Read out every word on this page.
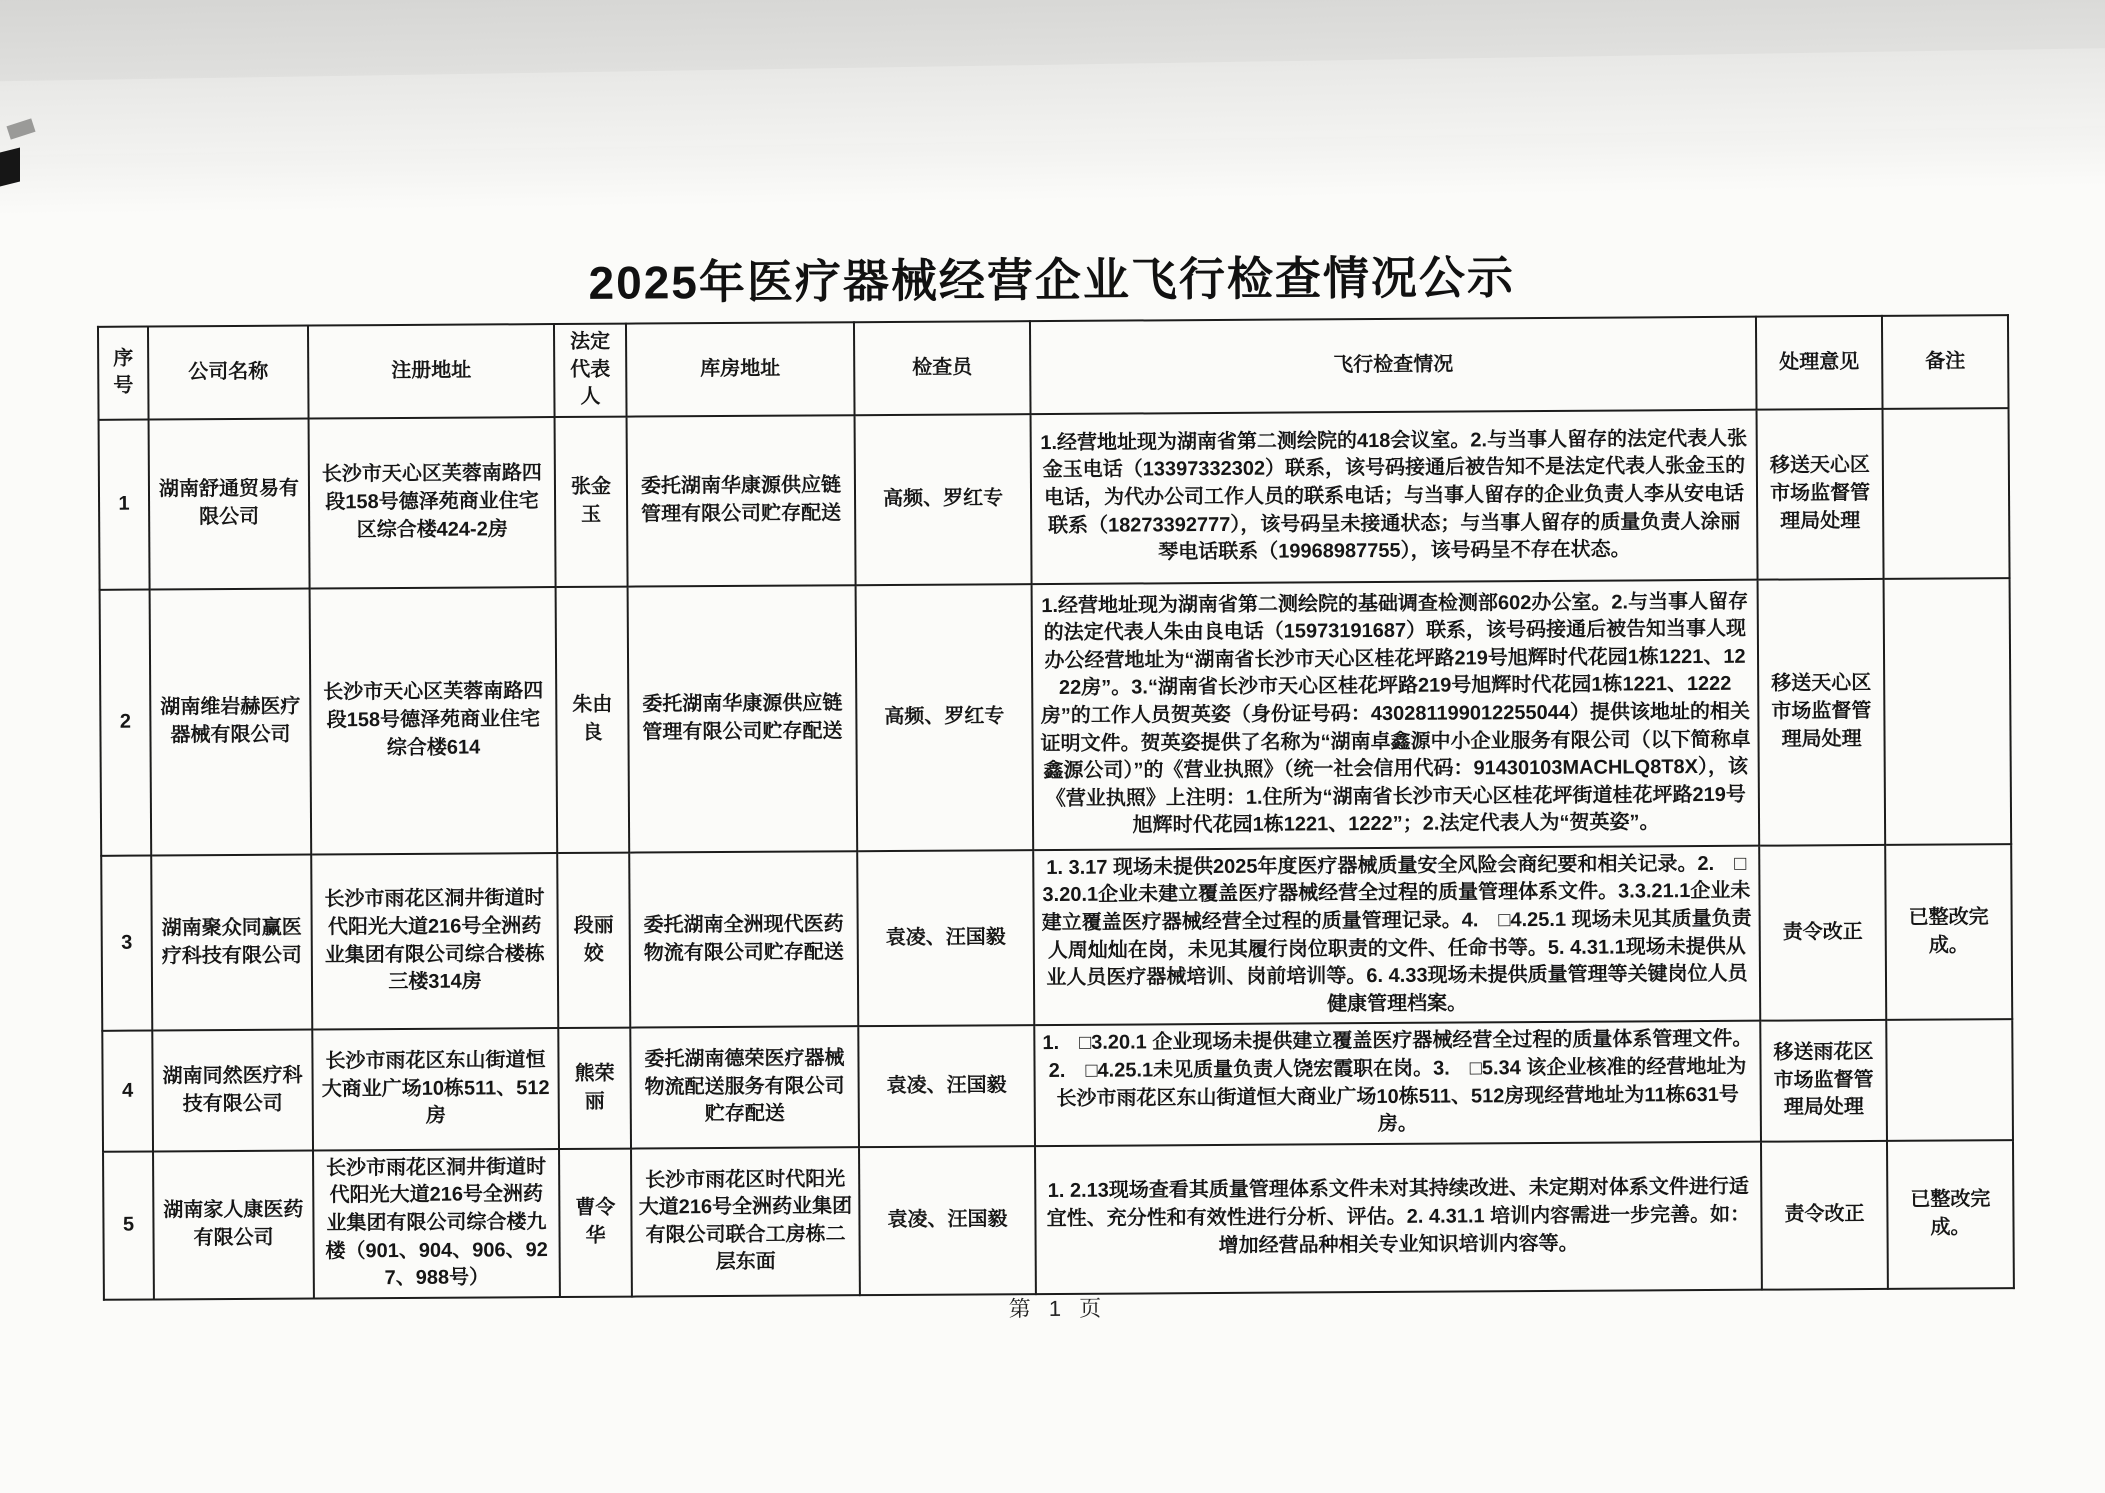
2025年医疗器械经营企业飞行检查情况公示
序号	公司名称	注册地址	法定代表人	库房地址	检查员	飞行检查情况	处理意见	备注
1	湖南舒通贸易有限公司	长沙市天心区芙蓉南路四段158号德泽苑商业住宅区综合楼424-2房	张金玉	委托湖南华康源供应链管理有限公司贮存配送	高频、罗红专	1.经营地址现为湖南省第二测绘院的418会议室。2.与当事人留存的法定代表人张金玉电话（13397332302）联系，该号码接通后被告知不是法定代表人张金玉的电话，为代办公司工作人员的联系电话；与当事人留存的企业负责人李从安电话联系（18273392777），该号码呈未接通状态；与当事人留存的质量负责人涂丽琴电话联系（19968987755），该号码呈不存在状态。	移送天心区市场监督管理局处理	
2	湖南维岩赫医疗器械有限公司	长沙市天心区芙蓉南路四段158号德泽苑商业住宅综合楼614	朱由良	委托湖南华康源供应链管理有限公司贮存配送	高频、罗红专	1.经营地址现为湖南省第二测绘院的基础调查检测部602办公室。2.与当事人留存的法定代表人朱由良电话（15973191687）联系，该号码接通后被告知当事人现办公经营地址为“湖南省长沙市天心区桂花坪路219号旭辉时代花园1栋1221、1222房”。3.“湖南省长沙市天心区桂花坪路219号旭辉时代花园1栋1221、1222房”的工作人员贺英姿（身份证号码：430281199012255044）提供该地址的相关证明文件。贺英姿提供了名称为“湖南卓鑫源中小企业服务有限公司（以下简称卓鑫源公司）”的《营业执照》（统一社会信用代码：91430103MACHLQ8T8X），该《营业执照》上注明：1.住所为“湖南省长沙市天心区桂花坪街道桂花坪路219号旭辉时代花园1栋1221、1222”；2.法定代表人为“贺英姿”。	移送天心区市场监督管理局处理	
3	湖南聚众同赢医疗科技有限公司	长沙市雨花区洞井街道时代阳光大道216号全洲药业集团有限公司综合楼栋三楼314房	段丽姣	委托湖南全洲现代医药物流有限公司贮存配送	袁凌、汪国毅	1. 3.17 现场未提供2025年度医疗器械质量安全风险会商纪要和相关记录。2.　□3.20.1企业未建立覆盖医疗器械经营全过程的质量管理体系文件。3.3.21.1企业未建立覆盖医疗器械经营全过程的质量管理记录。4.　□4.25.1 现场未见其质量负责人周灿灿在岗，未见其履行岗位职责的文件、任命书等。5. 4.31.1现场未提供从业人员医疗器械培训、岗前培训等。6. 4.33现场未提供质量管理等关键岗位人员健康管理档案。	责令改正	已整改完成。
4	湖南同然医疗科技有限公司	长沙市雨花区东山街道恒大商业广场10栋511、512房	熊荣丽	委托湖南德荣医疗器械物流配送服务有限公司贮存配送	袁凌、汪国毅	1.　□3.20.1 企业现场未提供建立覆盖医疗器械经营全过程的质量体系管理文件。2.　□4.25.1未见质量负责人饶宏霞职在岗。3.　□5.34 该企业核准的经营地址为长沙市雨花区东山街道恒大商业广场10栋511、512房现经营地址为11栋631号房。	移送雨花区市场监督管理局处理	
5	湖南家人康医药有限公司	长沙市雨花区洞井街道时代阳光大道216号全洲药业集团有限公司综合楼九楼（901、904、906、927、988号）	曹令华	长沙市雨花区时代阳光大道216号全洲药业集团有限公司联合工房栋二层东面	袁凌、汪国毅	1. 2.13现场查看其质量管理体系文件未对其持续改进、未定期对体系文件进行适宜性、充分性和有效性进行分析、评估。2. 4.31.1 培训内容需进一步完善。如：增加经营品种相关专业知识培训内容等。	责令改正	已整改完成。
第 1 页
